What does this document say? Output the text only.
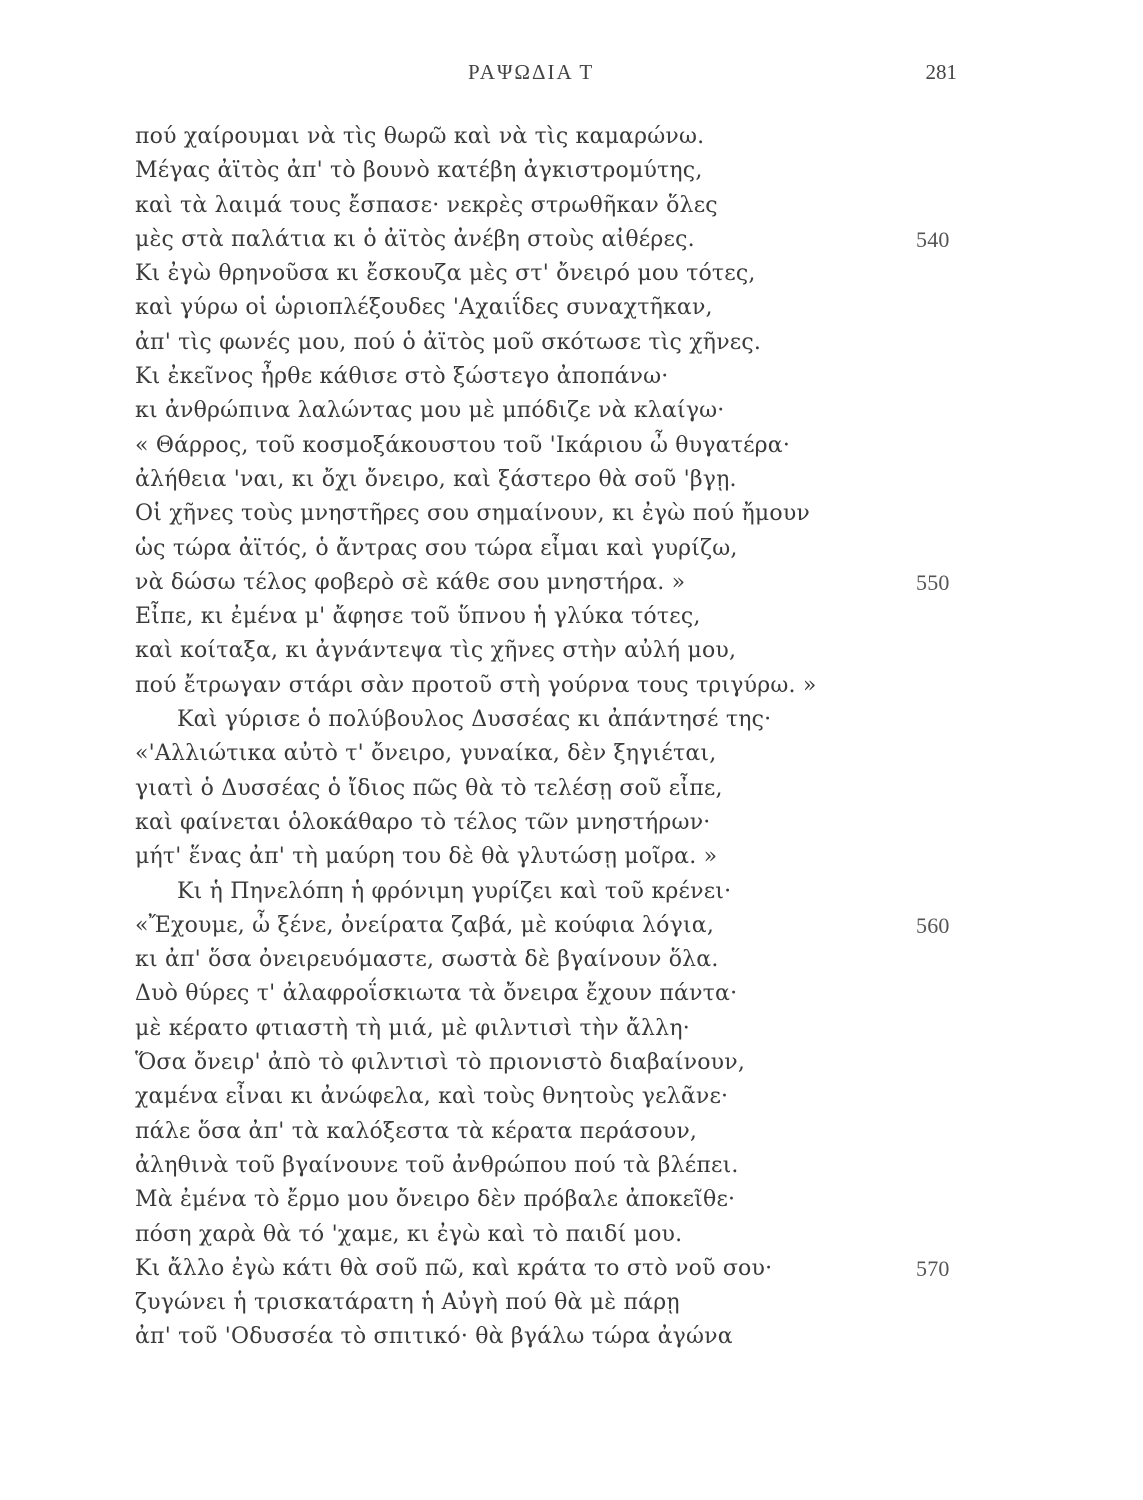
ΡΑΨΩΔΙΑ Τ	281
πού χαίρουμαι νὰ τὶς θωρῶ καὶ νὰ τὶς καμαρώνω.
Μέγας ἀϊτὸς ἀπ' τὸ βουνὸ κατέβη ἀγκιστρομύτης,
καὶ τὰ λαιμά τους ἔσπασε· νεκρὲς στρωθῆκαν ὅλες
μὲς στὰ παλάτια κι ὁ ἀϊτὸς ἀνέβη στοὺς αἰθέρες.	540
Κι ἐγὼ θρηνοῦσα κι ἔσκουζα μὲς στ' ὄνειρό μου τότες,
καὶ γύρω οἱ ὡριοπλέξουδες 'Αχαιΐδες συναχτῆκαν,
ἀπ' τὶς φωνές μου, πού ὁ ἀϊτὸς μοῦ σκότωσε τὶς χῆνες.
Κι ἐκεῖνος ἦρθε κάθισε στὸ ξώστεγο ἀποπάνω·
κι ἀνθρώπινα λαλώντας μου μὲ μπόδιζε νὰ κλαίγω·
« Θάρρος, τοῦ κοσμοξάκουστου τοῦ 'Ικάριου ὦ θυγατέρα·
ἀλήθεια 'ναι, κι ὄχι ὄνειρο, καὶ ξάστερο θὰ σοῦ 'βγῃ.
Οἱ χῆνες τοὺς μνηστῆρες σου σημαίνουν, κι ἐγὼ πού ἤμουν
ὡς τώρα ἀϊτός, ὁ ἄντρας σου τώρα εἶμαι καὶ γυρίζω,
νὰ δώσω τέλος φοβερὸ σὲ κάθε σου μνηστήρα. »	550
Εἶπε, κι ἐμένα μ' ἄφησε τοῦ ὕπνου ἡ γλύκα τότες,
καὶ κοίταξα, κι ἀγνάντεψα τὶς χῆνες στὴν αὐλή μου,
πού ἔτρωγαν στάρι σὰν προτοῦ στὴ γούρνα τους τριγύρω. »
Καὶ γύρισε ὁ πολύβουλος Δυσσέας κι ἀπάντησέ της·
«'Αλλιώτικα αὐτὸ τ' ὄνειρο, γυναίκα, δὲν ξηγιέται,
γιατὶ ὁ Δυσσέας ὁ ἴδιος πῶς θὰ τὸ τελέσῃ σοῦ εἶπε,
καὶ φαίνεται ὁλοκάθαρο τὸ τέλος τῶν μνηστήρων·
μήτ' ἕνας ἀπ' τὴ μαύρη του δὲ θὰ γλυτώσῃ μοῖρα. »
Κι ἡ Πηνελόπη ἡ φρόνιμη γυρίζει καὶ τοῦ κρένει·
«Ἔχουμε, ὦ ξένε, ὀνείρατα ζαβά, μὲ κούφια λόγια,	560
κι ἀπ' ὅσα ὀνειρευόμαστε, σωστὰ δὲ βγαίνουν ὅλα.
Δυὸ θύρες τ' ἀλαφροΐσκιωτα τὰ ὄνειρα ἔχουν πάντα·
μὲ κέρατο φτιαστὴ τὴ μιά, μὲ φιλντισὶ τὴν ἄλλη·
Ὅσα ὄνειρ' ἀπὸ τὸ φιλντισὶ τὸ πριονιστὸ διαβαίνουν,
χαμένα εἶναι κι ἀνώφελα, καὶ τοὺς θνητοὺς γελᾶνε·
πάλε ὅσα ἀπ' τὰ καλόξεστα τὰ κέρατα περάσουν,
ἀληθινὰ τοῦ βγαίνουνε τοῦ ἀνθρώπου πού τὰ βλέπει.
Μὰ ἐμένα τὸ ἔρμο μου ὄνειρο δὲν πρόβαλε ἀποκεῖθε·
πόση χαρὰ θὰ τό 'χαμε, κι ἐγὼ καὶ τὸ παιδί μου.
Κι ἄλλο ἐγὼ κάτι θὰ σοῦ πῶ, καὶ κράτα το στὸ νοῦ σου·	570
ζυγώνει ἡ τρισκατάρατη ἡ Αὐγὴ πού θὰ μὲ πάρῃ
ἀπ' τοῦ 'Οδυσσέα τὸ σπιτικό· θὰ βγάλω τώρα ἀγώνα
